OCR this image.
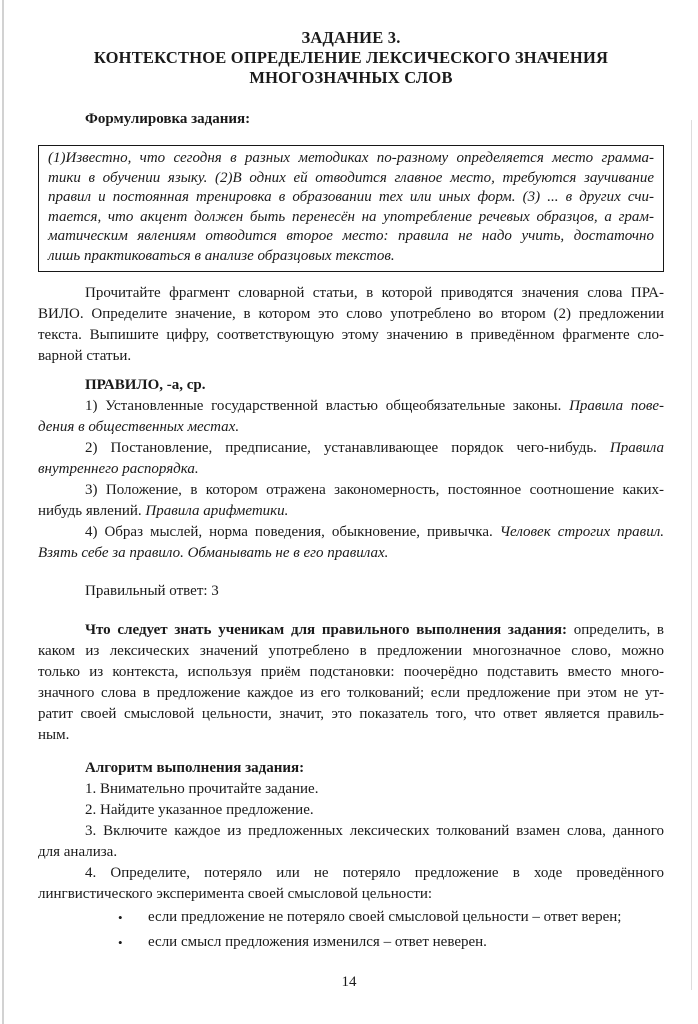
ЗАДАНИЕ 3.
КОНТЕКСТНОЕ ОПРЕДЕЛЕНИЕ ЛЕКСИЧЕСКОГО ЗНАЧЕНИЯ
МНОГОЗНАЧНЫХ СЛОВ

Формулировка задания:

(1)Известно, что сегодня в разных методиках по-разному определяется место грамма-
тики в обучении языку. (2)В одних ей отводится главное место, требуются заучивание
правил и постоянная тренировка в образовании тех или иных форм. (3) ... в других счи-
тается, что акцент должен быть перенесён на употребление речевых образцов, а грам-
матическим явлениям отводится второе место: правила не надо учить, достаточно
лишь практиковаться в анализе образцовых текстов.
Прочитайте фрагмент словарной статьи, в которой приводятся значения слова ПРА-
ВИЛО. Определите значение, в котором это слово употреблено во втором (2) предложении
текста. Выпишите цифру, соответствующую этому значению в приведённом фрагменте сло-
варной статьи.
ПРАВИЛО, -а, ср.
1) Установленные государственной властью общеобязательные законы. Правила пове-
дения в общественных местах.
2) Постановление, предписание, устанавливающее порядок чего-нибудь. Правила
внутреннего распорядка.
3) Положение, в котором отражена закономерность, постоянное соотношение каких-
нибудь явлений. Правила арифметики.
4) Образ мыслей, норма поведения, обыкновение, привычка. Человек строгих правил.
Взять себе за правило. Обманывать не в его правилах.

Правильный ответ: 3

Что следует знать ученикам для правильного выполнения задания: определить, в
каком из лексических значений употреблено в предложении многозначное слово, можно
только из контекста, используя приём подстановки: поочерёдно подставить вместо много-
значного слова в предложение каждое из его толкований; если предложение при этом не ут-
ратит своей смысловой цельности, значит, это показатель того, что ответ является правиль-
ным.

Алгоритм выполнения задания:

1. Внимательно прочитайте задание.
2. Найдите указанное предложение.
3. Включите каждое из предложенных лексических толкований взамен слова, данного
для анализа.
4. Определите, потеряло или не потеряло предложение в ходе проведённого
лингвистического эксперимента своей смысловой цельности:
•	если предложение не потеряло своей смысловой цельности – ответ верен;
•	если смысл предложения изменился – ответ неверен.
14
